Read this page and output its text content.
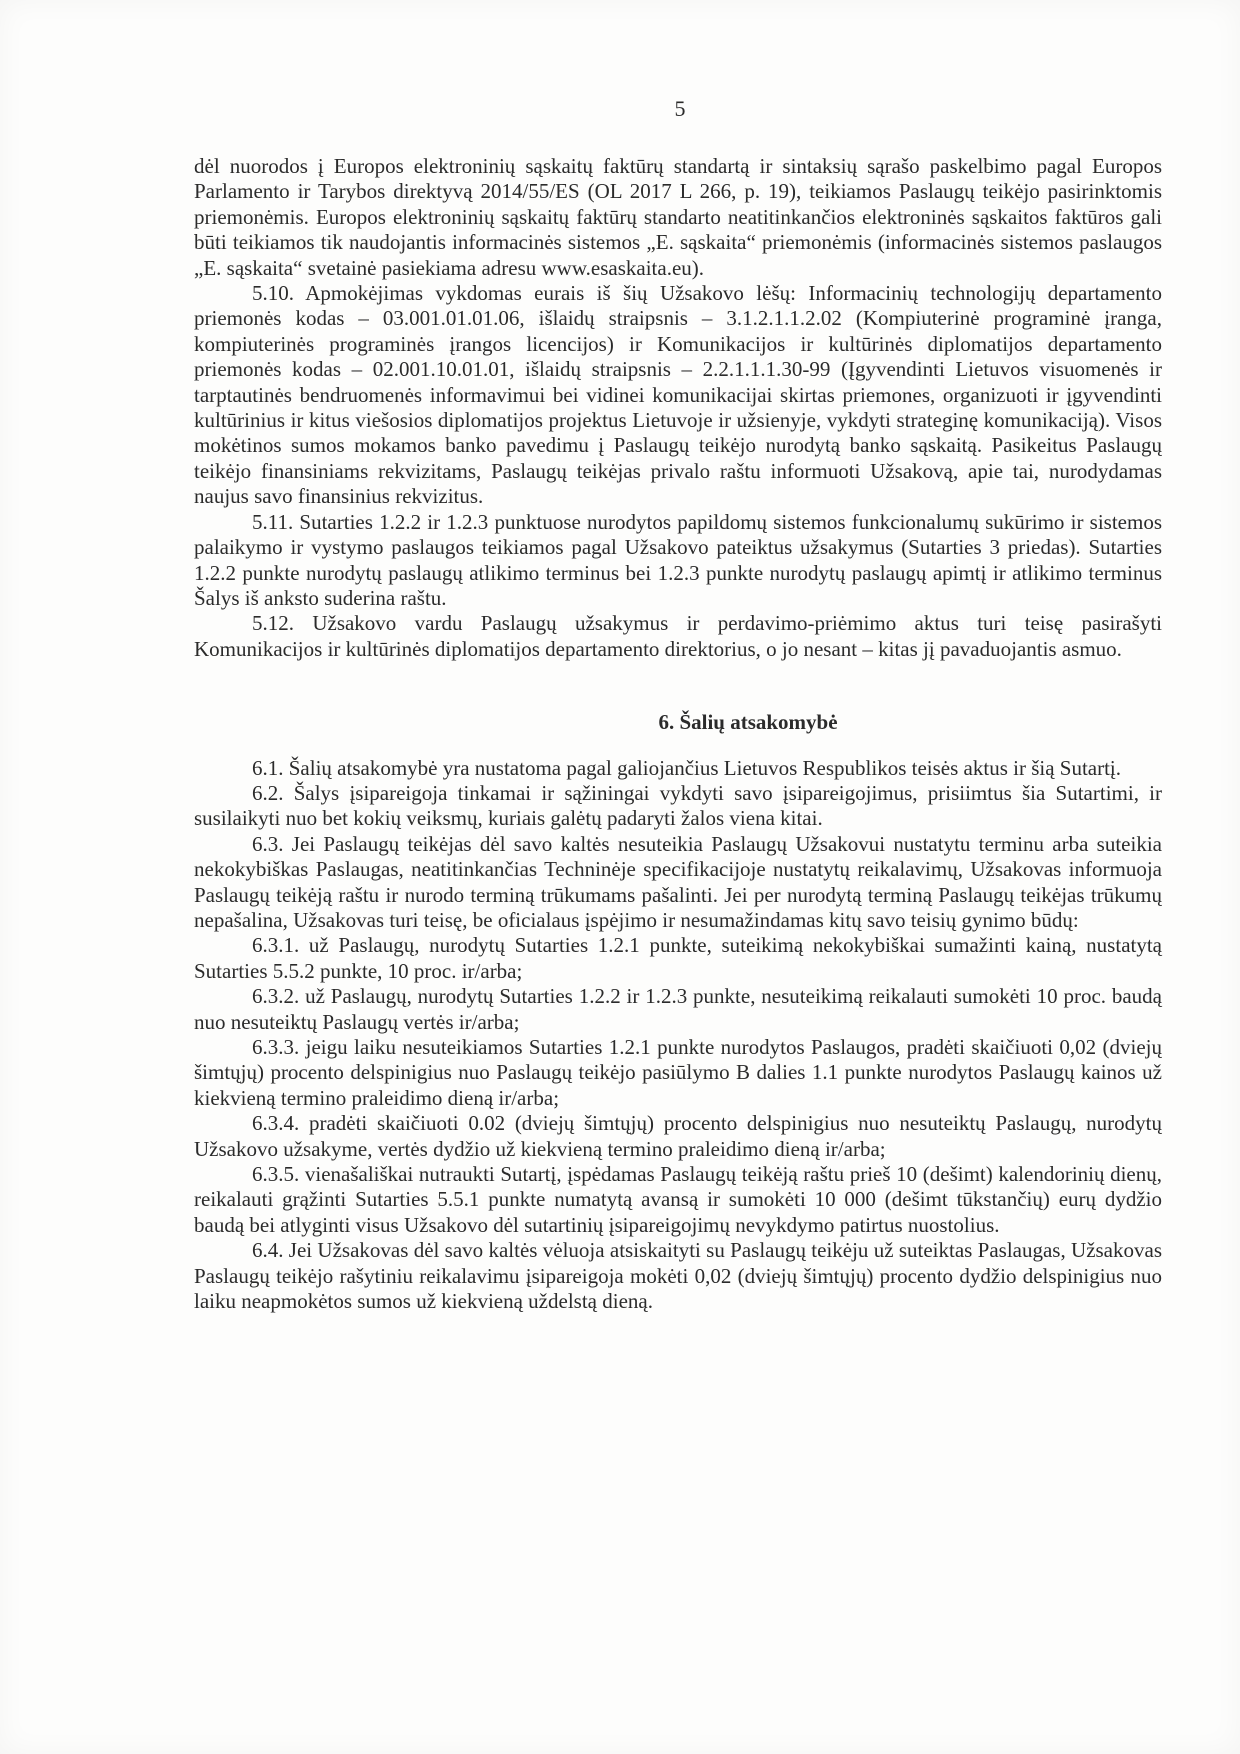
5

dėl nuorodos į Europos elektroninių sąskaitų faktūrų standartą ir sintaksių sąrašo paskelbimo pagal Europos Parlamento ir Tarybos direktyvą 2014/55/ES (OL 2017 L 266, p. 19), teikiamos Paslaugų teikėjo pasirinktomis priemonėmis. Europos elektroninių sąskaitų faktūrų standarto neatitinkančios elektroninės sąskaitos faktūros gali būti teikiamos tik naudojantis informacinės sistemos „E. sąskaita“ priemonėmis (informacinės sistemos paslaugos „E. sąskaita“ svetainė pasiekiama adresu www.esaskaita.eu).

5.10. Apmokėjimas vykdomas eurais iš šių Užsakovo lėšų: Informacinių technologijų departamento priemonės kodas – 03.001.01.01.06, išlaidų straipsnis – 3.1.2.1.1.2.02 (Kompiuterinė programinė įranga, kompiuterinės programinės įrangos licencijos) ir Komunikacijos ir kultūrinės diplomatijos departamento priemonės kodas – 02.001.10.01.01, išlaidų straipsnis – 2.2.1.1.1.30-99 (Įgyvendinti Lietuvos visuomenės ir tarptautinės bendruomenės informavimui bei vidinei komunikacijai skirtas priemones, organizuoti ir įgyvendinti kultūrinius ir kitus viešosios diplomatijos projektus Lietuvoje ir užsienyje, vykdyti strateginę komunikaciją). Visos mokėtinos sumos mokamos banko pavedimu į Paslaugų teikėjo nurodytą banko sąskaitą. Pasikeitus Paslaugų teikėjo finansiniams rekvizitams, Paslaugų teikėjas privalo raštu informuoti Užsakovą, apie tai, nurodydamas naujus savo finansinius rekvizitus.

5.11. Sutarties 1.2.2 ir 1.2.3 punktuose nurodytos papildomų sistemos funkcionalumų sukūrimo ir sistemos palaikymo ir vystymo paslaugos teikiamos pagal Užsakovo pateiktus užsakymus (Sutarties 3 priedas). Sutarties 1.2.2 punkte nurodytų paslaugų atlikimo terminus bei 1.2.3 punkte nurodytų paslaugų apimtį ir atlikimo terminus Šalys iš anksto suderina raštu.

5.12. Užsakovo vardu Paslaugų užsakymus ir perdavimo-priėmimo aktus turi teisę pasirašyti Komunikacijos ir kultūrinės diplomatijos departamento direktorius, o jo nesant – kitas jį pavaduojantis asmuo.

6. Šalių atsakomybė

6.1. Šalių atsakomybė yra nustatoma pagal galiojančius Lietuvos Respublikos teisės aktus ir šią Sutartį.

6.2. Šalys įsipareigoja tinkamai ir sąžiningai vykdyti savo įsipareigojimus, prisiimtus šia Sutartimi, ir susilaikyti nuo bet kokių veiksmų, kuriais galėtų padaryti žalos viena kitai.

6.3. Jei Paslaugų teikėjas dėl savo kaltės nesuteikia Paslaugų Užsakovui nustatytu terminu arba suteikia nekokybiškas Paslaugas, neatitinkančias Techninėje specifikacijoje nustatytų reikalavimų, Užsakovas informuoja Paslaugų teikėją raštu ir nurodo terminą trūkumams pašalinti. Jei per nurodytą terminą Paslaugų teikėjas trūkumų nepašalina, Užsakovas turi teisę, be oficialaus įspėjimo ir nesumažindamas kitų savo teisių gynimo būdų:

6.3.1. už Paslaugų, nurodytų Sutarties 1.2.1 punkte, suteikimą nekokybiškai sumažinti kainą, nustatytą Sutarties 5.5.2 punkte, 10 proc. ir/arba;

6.3.2. už Paslaugų, nurodytų Sutarties 1.2.2 ir 1.2.3 punkte, nesuteikimą reikalauti sumokėti 10 proc. baudą nuo nesuteiktų Paslaugų vertės ir/arba;

6.3.3. jeigu laiku nesuteikiamos Sutarties 1.2.1 punkte nurodytos Paslaugos, pradėti skaičiuoti 0,02 (dviejų šimtųjų) procento delspinigius nuo Paslaugų teikėjo pasiūlymo B dalies 1.1 punkte nurodytos Paslaugų kainos už kiekvieną termino praleidimo dieną ir/arba;

6.3.4. pradėti skaičiuoti 0.02 (dviejų šimtųjų) procento delspinigius nuo nesuteiktų Paslaugų, nurodytų Užsakovo užsakyme, vertės dydžio už kiekvieną termino praleidimo dieną ir/arba;

6.3.5. vienašališkai nutraukti Sutartį, įspėdamas Paslaugų teikėją raštu prieš 10 (dešimt) kalendorinių dienų, reikalauti grąžinti Sutarties 5.5.1 punkte numatytą avansą ir sumokėti 10 000 (dešimt tūkstančių) eurų dydžio baudą bei atlyginti visus Užsakovo dėl sutartinių įsipareigojimų nevykdymo patirtus nuostolius.

6.4. Jei Užsakovas dėl savo kaltės vėluoja atsiskaityti su Paslaugų teikėju už suteiktas Paslaugas, Užsakovas Paslaugų teikėjo rašytiniu reikalavimu įsipareigoja mokėti 0,02 (dviejų šimtųjų) procento dydžio delspinigius nuo laiku neapmokėtos sumos už kiekvieną uždelstą dieną.
